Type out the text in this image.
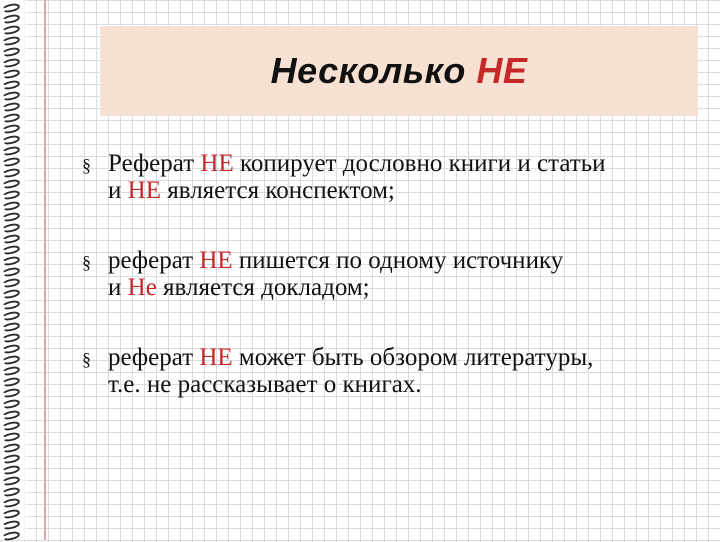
Несколько НЕ
§ Реферат НЕ копирует дословно книги и статьи
и НЕ является конспектом;
§ реферат НЕ пишется по одному источнику
и Не является докладом;
§ реферат НЕ может быть обзором литературы,
т.е. не рассказывает о книгах.
